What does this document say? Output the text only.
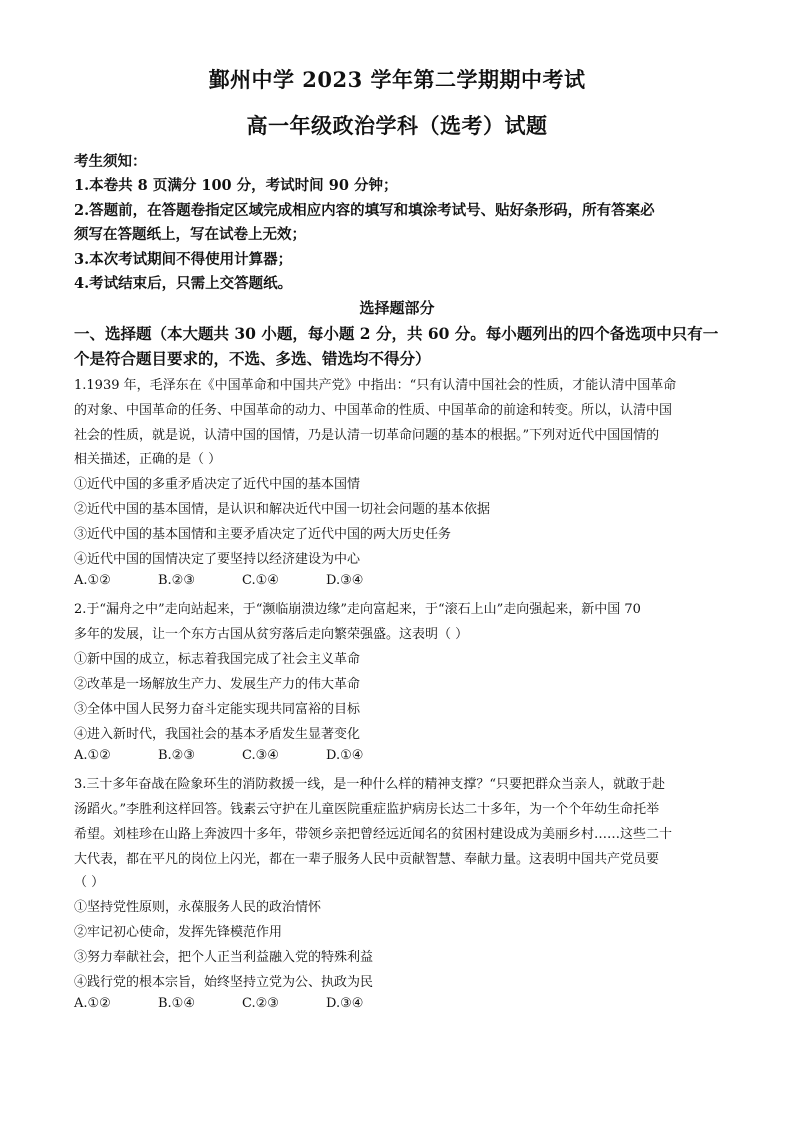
鄞州中学 2023 学年第二学期期中考试
高一年级政治学科（选考）试题
考生须知：
1.本卷共 8 页满分 100 分，考试时间 90 分钟；
2.答题前，在答题卷指定区域完成相应内容的填写和填涂考试号、贴好条形码，所有答案必
须写在答题纸上，写在试卷上无效；
3.本次考试期间不得使用计算器；
4.考试结束后，只需上交答题纸。
选择题部分
一、选择题（本大题共 30 小题，每小题 2 分，共 60 分。每小题列出的四个备选项中只有一
个是符合题目要求的，不选、多选、错选均不得分）
1.1939 年，毛泽东在《中国革命和中国共产党》中指出：“只有认清中国社会的性质，才能认清中国革命
的对象、中国革命的任务、中国革命的动力、中国革命的性质、中国革命的前途和转变。所以，认清中国
社会的性质，就是说，认清中国的国情，乃是认清一切革命问题的基本的根据。”下列对近代中国国情的
相关描述，正确的是（ ）
①近代中国的多重矛盾决定了近代中国的基本国情
②近代中国的基本国情，是认识和解决近代中国一切社会问题的基本依据
③近代中国的基本国情和主要矛盾决定了近代中国的两大历史任务
④近代中国的国情决定了要坚持以经济建设为中心
A.①②	B.②③	C.①④	D.③④
2.于“漏舟之中”走向站起来，于“濒临崩溃边缘”走向富起来，于“滚石上山”走向强起来，新中国 70
多年的发展，让一个东方古国从贫穷落后走向繁荣强盛。这表明（ ）
①新中国的成立，标志着我国完成了社会主义革命
②改革是一场解放生产力、发展生产力的伟大革命
③全体中国人民努力奋斗定能实现共同富裕的目标
④进入新时代，我国社会的基本矛盾发生显著变化
A.①②	B.②③	C.③④	D.①④
3.三十多年奋战在险象环生的消防救援一线，是一种什么样的精神支撑？“只要把群众当亲人，就敢于赴
汤蹈火。”李胜利这样回答。钱素云守护在儿童医院重症监护病房长达二十多年，为一个个年幼生命托举
希望。刘桂珍在山路上奔波四十多年，带领乡亲把曾经远近闻名的贫困村建设成为美丽乡村……这些二十
大代表，都在平凡的岗位上闪光，都在一辈子服务人民中贡献智慧、奉献力量。这表明中国共产党员要
（ ）
①坚持党性原则，永葆服务人民的政治情怀
②牢记初心使命，发挥先锋模范作用
③努力奉献社会，把个人正当利益融入党的特殊利益
④践行党的根本宗旨，始终坚持立党为公、执政为民
A.①②	B.①④	C.②③	D.③④
